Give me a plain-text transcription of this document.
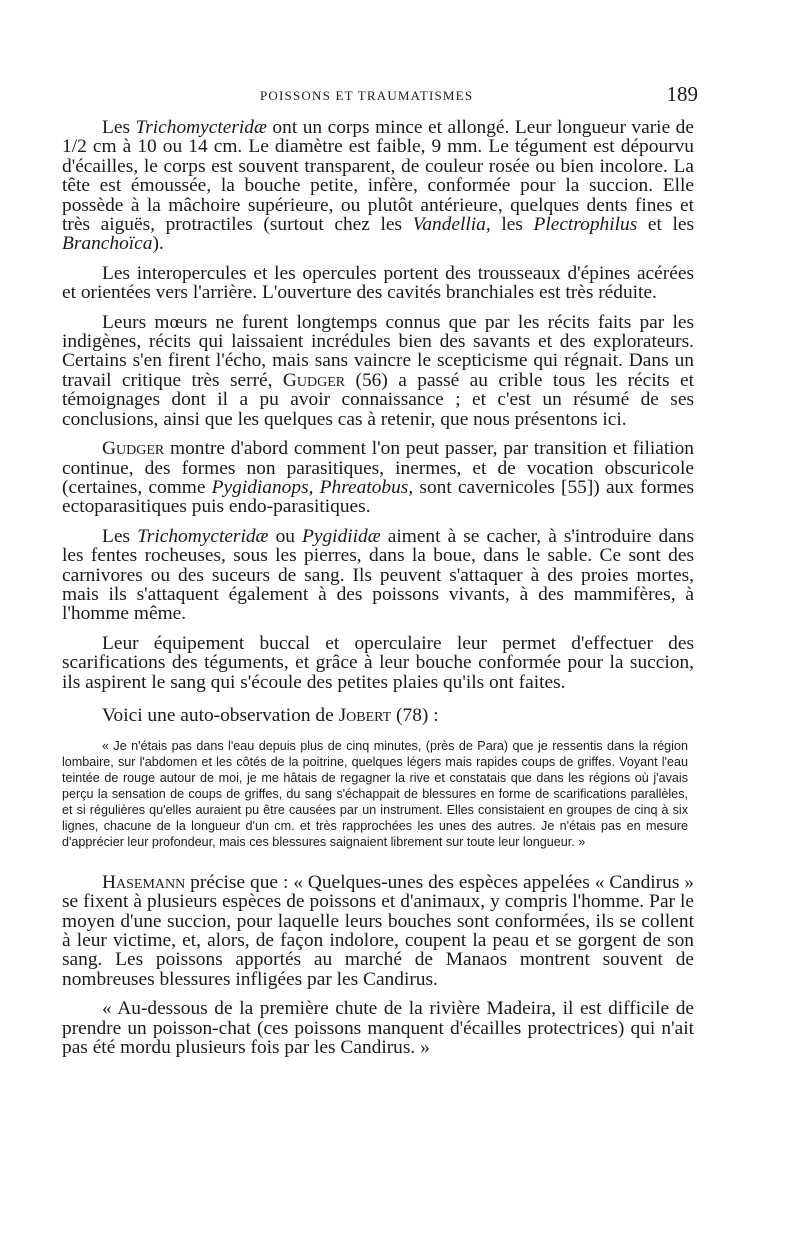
POISSONS ET TRAUMATISMES	189

Les Trichomycteridæ ont un corps mince et allongé. Leur longueur varie de 1/2 cm à 10 ou 14 cm. Le diamètre est faible, 9 mm. Le tégument est dépourvu d'écailles, le corps est souvent transparent, de couleur rosée ou bien incolore. La tête est émoussée, la bouche petite, infère, conformée pour la succion. Elle possède à la mâchoire supérieure, ou plutôt antérieure, quelques dents fines et très aiguës, protractiles (surtout chez les Vandellia, les Plectrophilus et les Branchoïca).

Les interopercules et les opercules portent des trousseaux d'épines acérées et orientées vers l'arrière. L'ouverture des cavités branchiales est très réduite.

Leurs mœurs ne furent longtemps connus que par les récits faits par les indigènes, récits qui laissaient incrédules bien des savants et des explorateurs. Certains s'en firent l'écho, mais sans vaincre le scepticisme qui régnait. Dans un travail critique très serré, Gudger (56) a passé au crible tous les récits et témoignages dont il a pu avoir connaissance ; et c'est un résumé de ses conclusions, ainsi que les quelques cas à retenir, que nous présentons ici.

Gudger montre d'abord comment l'on peut passer, par transition et filiation continue, des formes non parasitiques, inermes, et de vocation obscuricole (certaines, comme Pygidianops, Phreatobus, sont cavernicoles [55]) aux formes ectoparasitiques puis endo-parasitiques.

Les Trichomycteridæ ou Pygidiidæ aiment à se cacher, à s'introduire dans les fentes rocheuses, sous les pierres, dans la boue, dans le sable. Ce sont des carnivores ou des suceurs de sang. Ils peuvent s'attaquer à des proies mortes, mais ils s'attaquent également à des poissons vivants, à des mammifères, à l'homme même.

Leur équipement buccal et operculaire leur permet d'effectuer des scarifications des téguments, et grâce à leur bouche conformée pour la succion, ils aspirent le sang qui s'écoule des petites plaies qu'ils ont faites.

Voici une auto-observation de Jobert (78) :

« Je n'étais pas dans l'eau depuis plus de cinq minutes, (près de Para) que je ressentis dans la région lombaire, sur l'abdomen et les côtés de la poitrine, quelques légers mais rapides coups de griffes. Voyant l'eau teintée de rouge autour de moi, je me hâtais de regagner la rive et constatais que dans les régions où j'avais perçu la sensation de coups de griffes, du sang s'échappait de blessures en forme de scarifications parallèles, et si régulières qu'elles auraient pu être causées par un instrument. Elles consistaient en groupes de cinq à six lignes, chacune de la longueur d'un cm. et très rapprochées les unes des autres. Je n'étais pas en mesure d'apprécier leur profondeur, mais ces blessures saignaient librement sur toute leur longueur. »

Hasemann précise que : « Quelques-unes des espèces appelées « Candirus » se fixent à plusieurs espèces de poissons et d'animaux, y compris l'homme. Par le moyen d'une succion, pour laquelle leurs bouches sont conformées, ils se collent à leur victime, et, alors, de façon indolore, coupent la peau et se gorgent de son sang. Les poissons apportés au marché de Manaos montrent souvent de nombreuses blessures infligées par les Candirus.

« Au-dessous de la première chute de la rivière Madeira, il est difficile de prendre un poisson-chat (ces poissons manquent d'écailles protectrices) qui n'ait pas été mordu plusieurs fois par les Candirus. »
